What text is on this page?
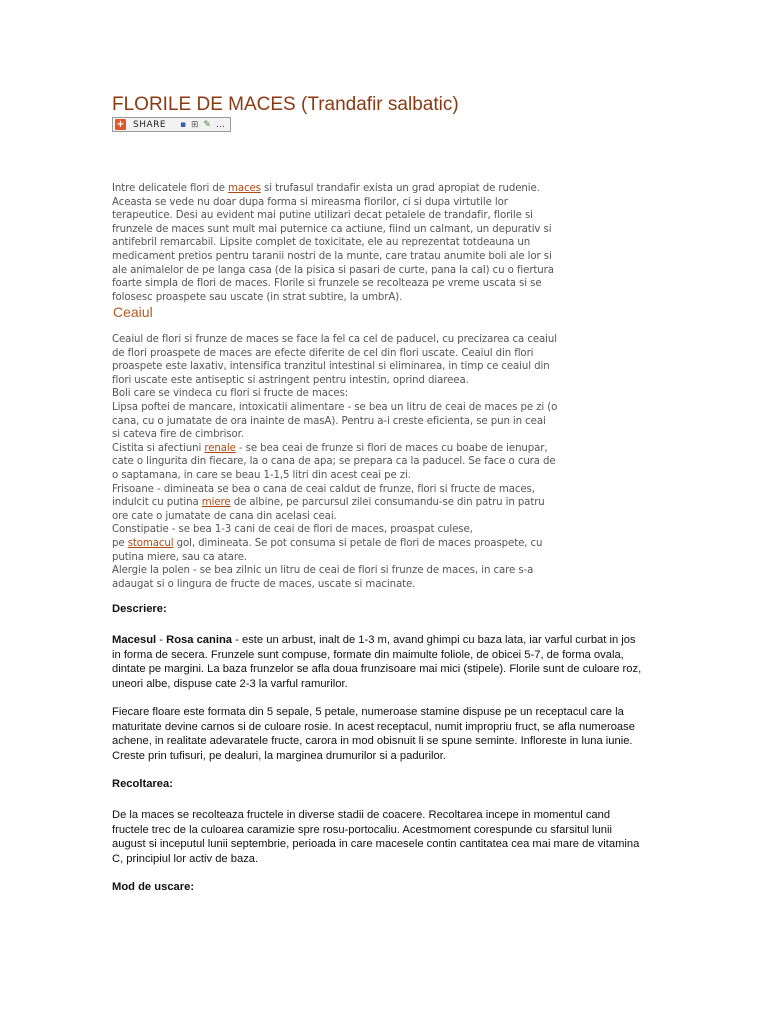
FLORILE DE MACES (Trandafir salbatic)
+ SHARE ▪ ⊞ ✎ …
Intre delicatele flori de maces si trufasul trandafir exista un grad apropiat de rudenie.
Aceasta se vede nu doar dupa forma si mireasma florilor, ci si dupa virtutile lor
terapeutice. Desi au evident mai putine utilizari decat petalele de trandafir, florile si
frunzele de maces sunt mult mai puternice ca actiune, fiind un calmant, un depurativ si
antifebril remarcabil. Lipsite complet de toxicitate, ele au reprezentat totdeauna un
medicament pretios pentru taranii nostri de la munte, care tratau anumite boli ale lor si
ale animalelor de pe langa casa (de la pisica si pasari de curte, pana la caI) cu o fiertura
foarte simpla de flori de maces. Florile si frunzele se recolteaza pe vreme uscata si se
folosesc proaspete sau uscate (in strat subtire, la umbrA).
Ceaiul
Ceaiul de flori si frunze de maces se face la fel ca cel de paducel, cu precizarea ca ceaiul
de flori proaspete de maces are efecte diferite de cel din flori uscate. Ceaiul din flori
proaspete este laxativ, intensifica tranzitul intestinal si eliminarea, in timp ce ceaiul din
flori uscate este antiseptic si astringent pentru intestin, oprind diareea.
Boli care se vindeca cu flori si fructe de maces:
Lipsa poftei de mancare, intoxicatii alimentare - se bea un litru de ceai de maces pe zi (o
cana, cu o jumatate de ora inainte de masA). Pentru a-i creste eficienta, se pun in ceai
si cateva fire de cimbrisor.
Cistita si afectiuni renale - se bea ceai de frunze si flori de maces cu boabe de ienupar,
cate o lingurita din fiecare, la o cana de apa; se prepara ca la paducel. Se face o cura de
o saptamana, in care se beau 1-1,5 litri din acest ceai pe zi.
Frisoane - dimineata se bea o cana de ceai caldut de frunze, flori si fructe de maces,
indulcit cu putina miere de albine, pe parcursul zilei consumandu-se din patru in patru
ore cate o jumatate de cana din acelasi ceai.
Constipatie - se bea 1-3 cani de ceai de flori de maces, proaspat culese,
pe stomacul gol, dimineata. Se pot consuma si petale de flori de maces proaspete, cu
putina miere, sau ca atare.
Alergie la polen - se bea zilnic un litru de ceai de flori si frunze de maces, in care s-a
adaugat si o lingura de fructe de maces, uscate si macinate.
Descriere:
Macesul - Rosa canina - este un arbust, inalt de 1-3 m, avand ghimpi cu baza lata, iar varful curbat in jos
in forma de secera. Frunzele sunt compuse, formate din maimulte foliole, de obicei 5-7, de forma ovala,
dintate pe margini. La baza frunzelor se afla doua frunzisoare mai mici (stipele). Florile sunt de culoare roz,
uneori albe, dispuse cate 2-3 la varful ramurilor.
Fiecare floare este formata din 5 sepale, 5 petale, numeroase stamine dispuse pe un receptacul care la
maturitate devine carnos si de culoare rosie. In acest receptacul, numit impropriu fruct, se afla numeroase
achene, in realitate adevaratele fructe, carora in mod obisnuit li se spune seminte. Infloreste in luna iunie.
Creste prin tufisuri, pe dealuri, la marginea drumurilor si a padurilor.
Recoltarea:
De la maces se recolteaza fructele in diverse stadii de coacere. Recoltarea incepe in momentul cand
fructele trec de la culoarea caramizie spre rosu-portocaliu. Acestmoment corespunde cu sfarsitul lunii
august si inceputul lunii septembrie, perioada in care macesele contin cantitatea cea mai mare de vitamina
C, principiul lor activ de baza.
Mod de uscare:
